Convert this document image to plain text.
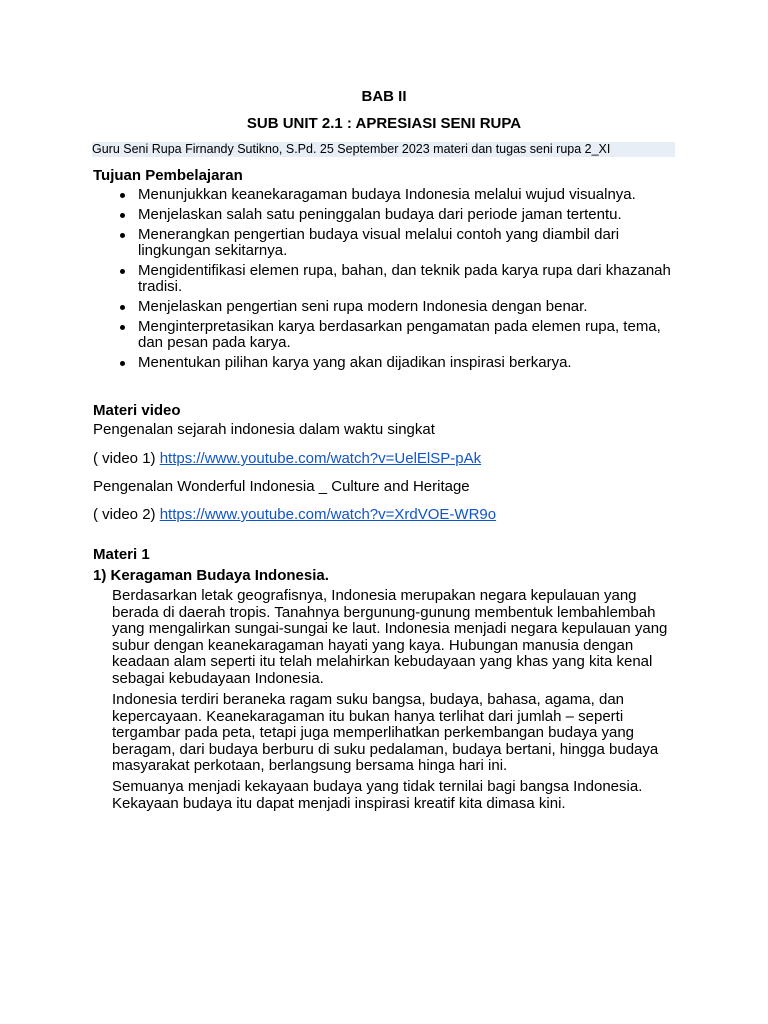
BAB II
SUB UNIT 2.1 : APRESIASI SENI RUPA
Guru Seni Rupa Firnandy Sutikno, S.Pd. 25 September 2023 materi dan tugas seni rupa 2_XI
Tujuan Pembelajaran
Menunjukkan keanekaragaman budaya Indonesia melalui wujud visualnya.
Menjelaskan salah satu peninggalan budaya dari periode jaman tertentu.
Menerangkan pengertian budaya visual melalui contoh yang diambil dari lingkungan sekitarnya.
Mengidentifikasi elemen rupa, bahan, dan teknik pada karya rupa dari khazanah tradisi.
Menjelaskan pengertian seni rupa modern Indonesia dengan benar.
Menginterpretasikan karya berdasarkan pengamatan pada elemen rupa, tema, dan pesan pada karya.
Menentukan pilihan karya yang akan dijadikan inspirasi berkarya.
Materi video
Pengenalan sejarah indonesia dalam waktu singkat
( video 1) https://www.youtube.com/watch?v=UelElSP-pAk
Pengenalan Wonderful Indonesia _ Culture and Heritage
( video 2) https://www.youtube.com/watch?v=XrdVOE-WR9o
Materi 1
1) Keragaman Budaya Indonesia.

Berdasarkan letak geografisnya, Indonesia merupakan negara kepulauan yang berada di daerah tropis. Tanahnya bergunung-gunung membentuk lembahlembah yang mengalirkan sungai-sungai ke laut. Indonesia menjadi negara kepulauan yang subur dengan keanekaragaman hayati yang kaya. Hubungan manusia dengan keadaan alam seperti itu telah melahirkan kebudayaan yang khas yang kita kenal sebagai kebudayaan Indonesia.

Indonesia terdiri beraneka ragam suku bangsa, budaya, bahasa, agama, dan kepercayaan. Keanekaragaman itu bukan hanya terlihat dari jumlah – seperti tergambar pada peta, tetapi juga memperlihatkan perkembangan budaya yang beragam, dari budaya berburu di suku pedalaman, budaya bertani, hingga budaya masyarakat perkotaan, berlangsung bersama hinga hari ini.

Semuanya menjadi kekayaan budaya yang tidak ternilai bagi bangsa Indonesia. Kekayaan budaya itu dapat menjadi inspirasi kreatif kita dimasa kini.
